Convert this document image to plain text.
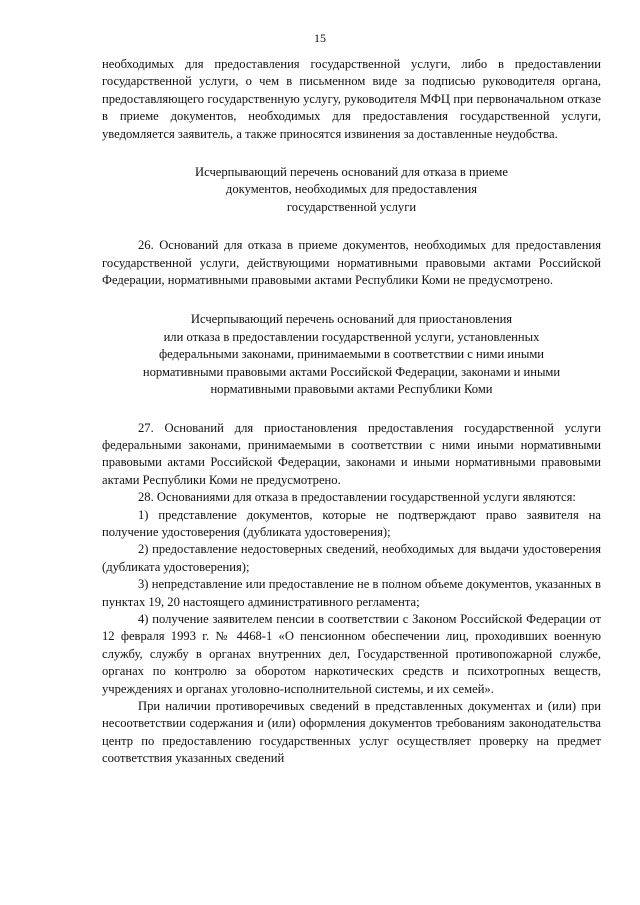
15

необходимых для предоставления государственной услуги, либо в предоставлении государственной услуги, о чем в письменном виде за подписью руководителя органа, предоставляющего государственную услугу, руководителя МФЦ при первоначальном отказе в приеме документов, необходимых для предоставления государственной услуги, уведомляется заявитель, а также приносятся извинения за доставленные неудобства.

Исчерпывающий перечень оснований для отказа в приеме

документов, необходимых для предоставления

государственной услуги

26. Оснований для отказа в приеме документов, необходимых для предоставления государственной услуги, действующими нормативными правовыми актами Российской Федерации, нормативными правовыми актами Республики Коми не предусмотрено.

Исчерпывающий перечень оснований для приостановления

или отказа в предоставлении государственной услуги, установленных

федеральными законами, принимаемыми в соответствии с ними иными

нормативными правовыми актами Российской Федерации, законами и иными

нормативными правовыми актами Республики Коми

27. Оснований для приостановления предоставления государственной услуги федеральными законами, принимаемыми в соответствии с ними иными нормативными правовыми актами Российской Федерации, законами и иными нормативными правовыми актами Республики Коми не предусмотрено.

28. Основаниями для отказа в предоставлении государственной услуги являются:

1) представление документов, которые не подтверждают право заявителя на получение удостоверения (дубликата удостоверения);

2) предоставление недостоверных сведений, необходимых для выдачи удостоверения (дубликата удостоверения);

3) непредставление или предоставление не в полном объеме документов, указанных в пунктах 19, 20 настоящего административного регламента;

4) получение заявителем пенсии в соответствии с Законом Российской Федерации от 12 февраля 1993 г. № 4468-1 «О пенсионном обеспечении лиц, проходивших военную службу, службу в органах внутренних дел, Государственной противопожарной службе, органах по контролю за оборотом наркотических средств и психотропных веществ, учреждениях и органах уголовно-исполнительной системы, и их семей».

При наличии противоречивых сведений в представленных документах и (или) при несоответствии содержания и (или) оформления документов требованиям законодательства центр по предоставлению государственных услуг осуществляет проверку на предмет соответствия указанных сведений
